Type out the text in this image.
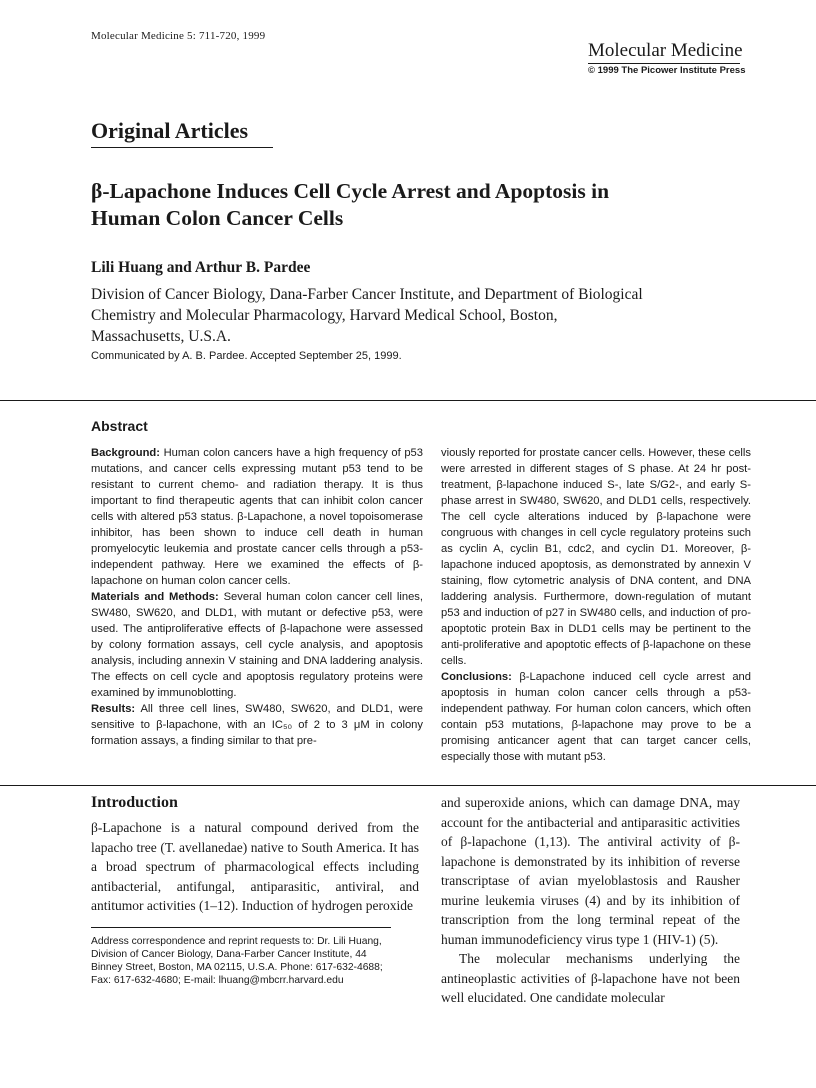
Molecular Medicine 5: 711-720, 1999
Molecular Medicine
© 1999 The Picower Institute Press
Original Articles
β-Lapachone Induces Cell Cycle Arrest and Apoptosis in Human Colon Cancer Cells
Lili Huang and Arthur B. Pardee
Division of Cancer Biology, Dana-Farber Cancer Institute, and Department of Biological Chemistry and Molecular Pharmacology, Harvard Medical School, Boston, Massachusetts, U.S.A.
Communicated by A. B. Pardee. Accepted September 25, 1999.
Abstract

Background: Human colon cancers have a high frequency of p53 mutations, and cancer cells expressing mutant p53 tend to be resistant to current chemo- and radiation therapy. It is thus important to find therapeutic agents that can inhibit colon cancer cells with altered p53 status. β-Lapachone, a novel topoisomerase inhibitor, has been shown to induce cell death in human promyelocytic leukemia and prostate cancer cells through a p53-independent pathway. Here we examined the effects of β-lapachone on human colon cancer cells.

Materials and Methods: Several human colon cancer cell lines, SW480, SW620, and DLD1, with mutant or defective p53, were used. The antiproliferative effects of β-lapachone were assessed by colony formation assays, cell cycle analysis, and apoptosis analysis, including annexin V staining and DNA laddering analysis. The effects on cell cycle and apoptosis regulatory proteins were examined by immunoblotting.

Results: All three cell lines, SW480, SW620, and DLD1, were sensitive to β-lapachone, with an IC₅₀ of 2 to 3 μM in colony formation assays, a finding similar to that pre-

viously reported for prostate cancer cells. However, these cells were arrested in different stages of S phase. At 24 hr post-treatment, β-lapachone induced S-, late S/G2-, and early S-phase arrest in SW480, SW620, and DLD1 cells, respectively. The cell cycle alterations induced by β-lapachone were congruous with changes in cell cycle regulatory proteins such as cyclin A, cyclin B1, cdc2, and cyclin D1. Moreover, β-lapachone induced apoptosis, as demonstrated by annexin V staining, flow cytometric analysis of DNA content, and DNA laddering analysis. Furthermore, down-regulation of mutant p53 and induction of p27 in SW480 cells, and induction of pro-apoptotic protein Bax in DLD1 cells may be pertinent to the anti-proliferative and apoptotic effects of β-lapachone on these cells.

Conclusions: β-Lapachone induced cell cycle arrest and apoptosis in human colon cancer cells through a p53-independent pathway. For human colon cancers, which often contain p53 mutations, β-lapachone may prove to be a promising anticancer agent that can target cancer cells, especially those with mutant p53.

Introduction

β-Lapachone is a natural compound derived from the lapacho tree (T. avellanedae) native to South America. It has a broad spectrum of pharmacological effects including antibacterial, antifungal, antiparasitic, antiviral, and antitumor activities (1–12). Induction of hydrogen peroxide

and superoxide anions, which can damage DNA, may account for the antibacterial and antiparasitic activities of β-lapachone (1,13). The antiviral activity of β-lapachone is demonstrated by its inhibition of reverse transcriptase of avian myeloblastosis and Rausher murine leukemia viruses (4) and by its inhibition of transcription from the long terminal repeat of the human immunodeficiency virus type 1 (HIV-1) (5).

The molecular mechanisms underlying the antineoplastic activities of β-lapachone have not been well elucidated. One candidate molecular

Address correspondence and reprint requests to: Dr. Lili Huang, Division of Cancer Biology, Dana-Farber Cancer Institute, 44 Binney Street, Boston, MA 02115, U.S.A. Phone: 617-632-4688; Fax: 617-632-4680; E-mail: lhuang@mbcrr.harvard.edu
